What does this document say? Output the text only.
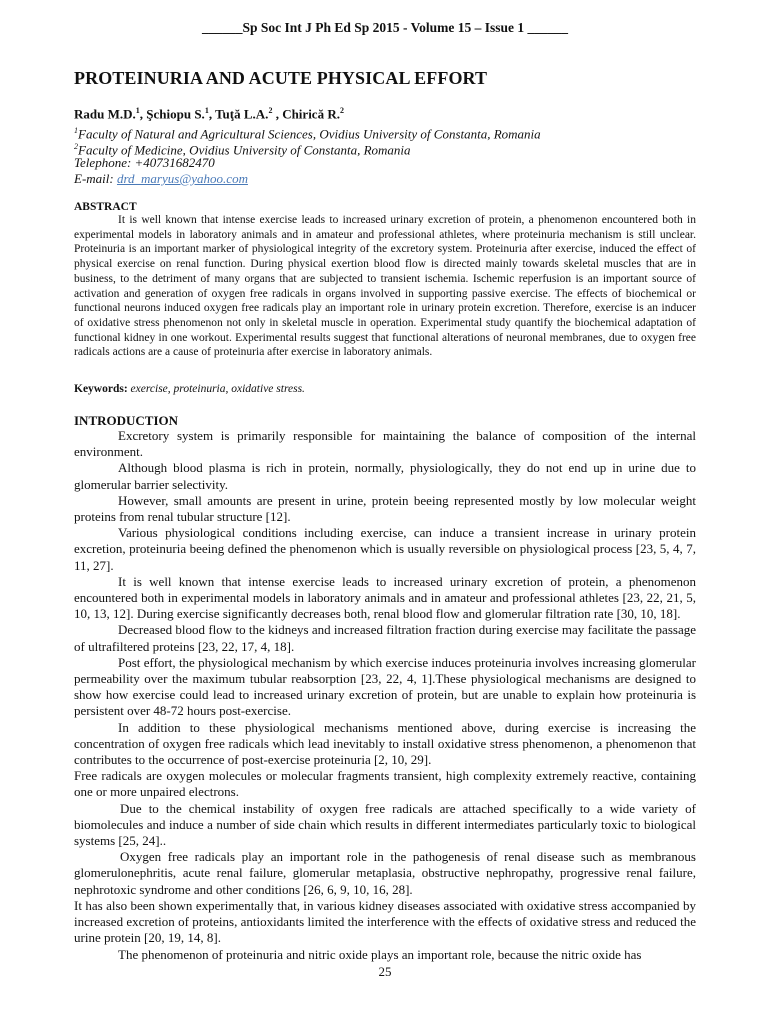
______Sp Soc Int J Ph Ed Sp 2015 - Volume 15 – Issue 1 ______
PROTEINURIA AND ACUTE PHYSICAL EFFORT
Radu M.D.$^1$, Şchiopu S.$^1$, Tuţă L.A.$^2$ , Chirică R.$^2$
$^1$Faculty of Natural and Agricultural Sciences, Ovidius University of Constanta, Romania
$^2$Faculty of Medicine, Ovidius University of Constanta, Romania
Telephone: +40731682470
E-mail: drd_maryus@yahoo.com
ABSTRACT

It is well known that intense exercise leads to increased urinary excretion of protein, a phenomenon encountered both in experimental models in laboratory animals and in amateur and professional athletes, where proteinuria mechanism is still unclear. Proteinuria is an important marker of physiological integrity of the excretory system. Proteinuria after exercise, induced the effect of physical exercise on renal function. During physical exertion blood flow is directed mainly towards skeletal muscles that are in business, to the detriment of many organs that are subjected to transient ischemia. Ischemic reperfusion is an important source of activation and generation of oxygen free radicals in organs involved in supporting passive exercise. The effects of biochemical or functional neurons induced oxygen free radicals play an important role in urinary protein excretion. Therefore, exercise is an inducer of oxidative stress phenomenon not only in skeletal muscle in operation. Experimental study quantify the biochemical adaptation of functional kidney in one workout. Experimental results suggest that functional alterations of neuronal membranes, due to oxygen free radicals actions are a cause of proteinuria after exercise in laboratory animals.

Keywords: exercise, proteinuria, oxidative stress.
INTRODUCTION

Excretory system is primarily responsible for maintaining the balance of composition of the internal environment.

Although blood plasma is rich in protein, normally, physiologically, they do not end up in urine due to glomerular barrier selectivity.

However, small amounts are present in urine, protein beeing represented mostly by low molecular weight proteins from renal tubular structure [12].

Various physiological conditions including exercise, can induce a transient increase in urinary protein excretion, proteinuria beeing defined the phenomenon which is usually reversible on physiological process [23, 5, 4, 7, 11, 27].

It is well known that intense exercise leads to increased urinary excretion of protein, a phenomenon encountered both in experimental models in laboratory animals and in amateur and professional athletes [23, 22, 21, 5, 10, 13, 12]. During exercise significantly decreases both, renal blood flow and glomerular filtration rate [30, 10, 18].

Decreased blood flow to the kidneys and increased filtration fraction during exercise may facilitate the passage of ultrafiltered proteins [23, 22, 17, 4, 18].

Post effort, the physiological mechanism by which exercise induces proteinuria involves increasing glomerular permeability over the maximum tubular reabsorption [23, 22, 4, 1].These physiological mechanisms are designed to show how exercise could lead to increased urinary excretion of protein, but are unable to explain how proteinuria is persistent over 48-72 hours post-exercise.

In addition to these physiological mechanisms mentioned above, during exercise is increasing the concentration of oxygen free radicals which lead inevitably to install oxidative stress phenomenon, a phenomenon that contributes to the occurrence of post-exercise proteinuria [2, 10, 29].

Free radicals are oxygen molecules or molecular fragments transient, high complexity extremely reactive, containing one or more unpaired electrons.

Due to the chemical instability of oxygen free radicals are attached specifically to a wide variety of biomolecules and induce a number of side chain which results in different intermediates particularly toxic to biological systems [25, 24]..

Oxygen free radicals play an important role in the pathogenesis of renal disease such as membranous glomerulonephritis, acute renal failure, glomerular metaplasia, obstructive nephropathy, progressive renal failure, nephrotoxic syndrome and other conditions [26, 6, 9, 10, 16, 28].

It has also been shown experimentally that, in various kidney diseases associated with oxidative stress accompanied by increased excretion of proteins, antioxidants limited the interference with the effects of oxidative stress and reduced the urine protein [20, 19, 14, 8].

The phenomenon of proteinuria and nitric oxide plays an important role, because the nitric oxide has

25
